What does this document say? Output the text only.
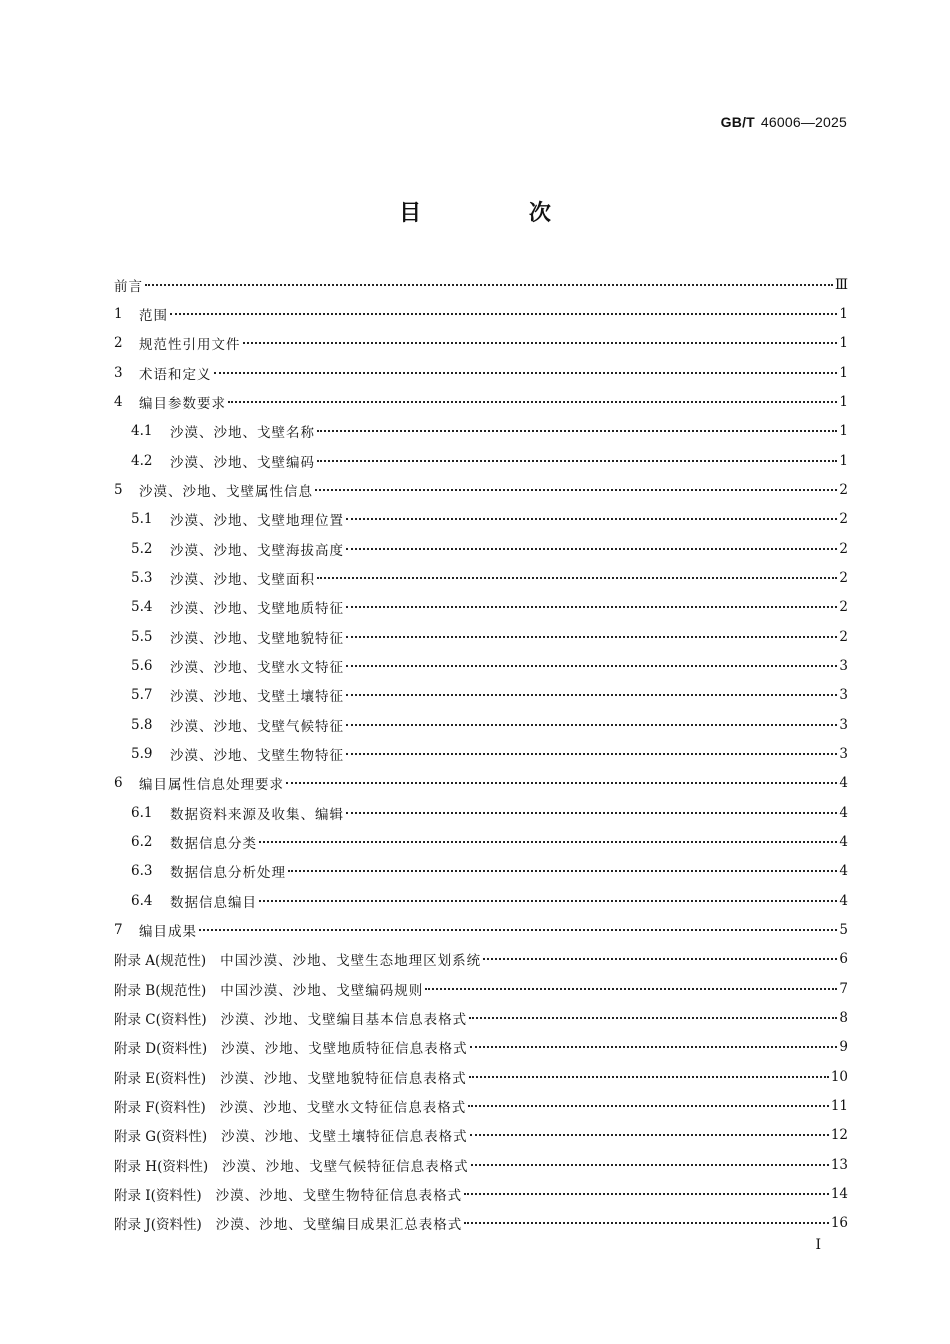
GB/T 46006—2025
目 次
前言	Ⅲ
1	范围	1
2	规范性引用文件	1
3	术语和定义	1
4	编目参数要求	1
4.1	沙漠、沙地、戈壁名称	1
4.2	沙漠、沙地、戈壁编码	1
5	沙漠、沙地、戈壁属性信息	2
5.1	沙漠、沙地、戈壁地理位置	2
5.2	沙漠、沙地、戈壁海拔高度	2
5.3	沙漠、沙地、戈壁面积	2
5.4	沙漠、沙地、戈壁地质特征	2
5.5	沙漠、沙地、戈壁地貌特征	2
5.6	沙漠、沙地、戈壁水文特征	3
5.7	沙漠、沙地、戈壁土壤特征	3
5.8	沙漠、沙地、戈壁气候特征	3
5.9	沙漠、沙地、戈壁生物特征	3
6	编目属性信息处理要求	4
6.1	数据资料来源及收集、编辑	4
6.2	数据信息分类	4
6.3	数据信息分析处理	4
6.4	数据信息编目	4
7	编目成果	5
附录 A (规范性) 中国沙漠、沙地、戈壁生态地理区划系统	6
附录 B (规范性) 中国沙漠、沙地、戈壁编码规则	7
附录 C (资料性) 沙漠、沙地、戈壁编目基本信息表格式	8
附录 D (资料性) 沙漠、沙地、戈壁地质特征信息表格式	9
附录 E (资料性) 沙漠、沙地、戈壁地貌特征信息表格式	10
附录 F (资料性) 沙漠、沙地、戈壁水文特征信息表格式	11
附录 G (资料性) 沙漠、沙地、戈壁土壤特征信息表格式	12
附录 H (资料性) 沙漠、沙地、戈壁气候特征信息表格式	13
附录 I (资料性) 沙漠、沙地、戈壁生物特征信息表格式	14
附录 J (资料性) 沙漠、沙地、戈壁编目成果汇总表格式	16
Ⅰ
